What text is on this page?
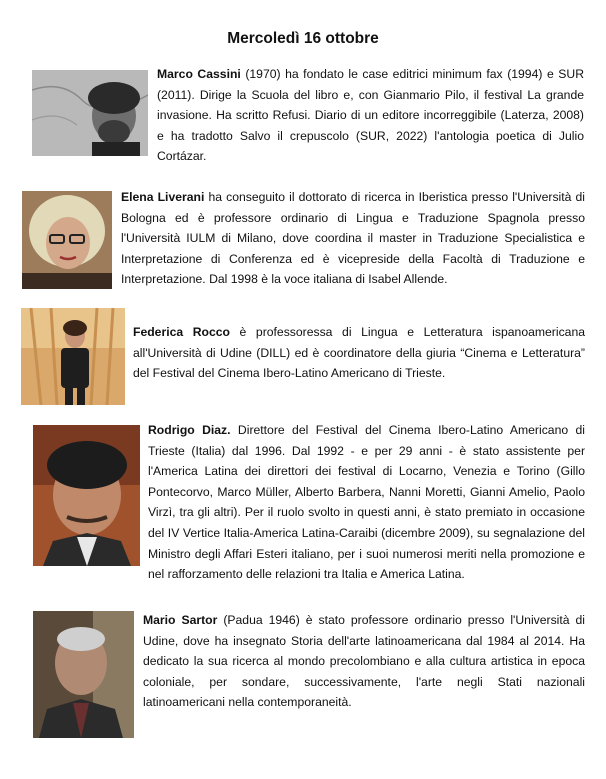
Mercoledì 16 ottobre
Marco Cassini (1970) ha fondato le case editrici minimum fax (1994) e SUR (2011). Dirige la Scuola del libro e, con Gianmario Pilo, il festival La grande invasione. Ha scritto Refusi. Diario di un editore incorreggibile (Laterza, 2008) e ha tradotto Salvo il crepuscolo (SUR, 2022) l'antologia poetica di Julio Cortázar.
Elena Liverani ha conseguito il dottorato di ricerca in Iberistica presso l'Università di Bologna ed è professore ordinario di Lingua e Traduzione Spagnola presso l'Università IULM di Milano, dove coordina il master in Traduzione Specialistica e Interpretazione di Conferenza ed è vicepreside della Facoltà di Traduzione e Interpretazione. Dal 1998 è la voce italiana di Isabel Allende.
Federica Rocco è professoressa di Lingua e Letteratura ispanoamericana all'Università di Udine (DILL) ed è coordinatore della giuria “Cinema e Letteratura” del Festival del Cinema Ibero-Latino Americano di Trieste.
Rodrigo Diaz. Direttore del Festival del Cinema Ibero-Latino Americano di Trieste (Italia) dal 1996. Dal 1992 - e per 29 anni - è stato assistente per l'America Latina dei direttori dei festival di Locarno, Venezia e Torino (Gillo Pontecorvo, Marco Müller, Alberto Barbera, Nanni Moretti, Gianni Amelio, Paolo Virzì, tra gli altri). Per il ruolo svolto in questi anni, è stato premiato in occasione del IV Vertice Italia-America Latina-Caraibi (dicembre 2009), su segnalazione del Ministro degli Affari Esteri italiano, per i suoi numerosi meriti nella promozione e nel rafforzamento delle relazioni tra Italia e America Latina.
Mario Sartor (Padua 1946) è stato professore ordinario presso l'Università di Udine, dove ha insegnato Storia dell'arte latinoamericana dal 1984 al 2014. Ha dedicato la sua ricerca al mondo precolombiano e alla cultura artistica in epoca coloniale, per sondare, successivamente, l'arte negli Stati nazionali latinoamericani nella contemporaneità.
